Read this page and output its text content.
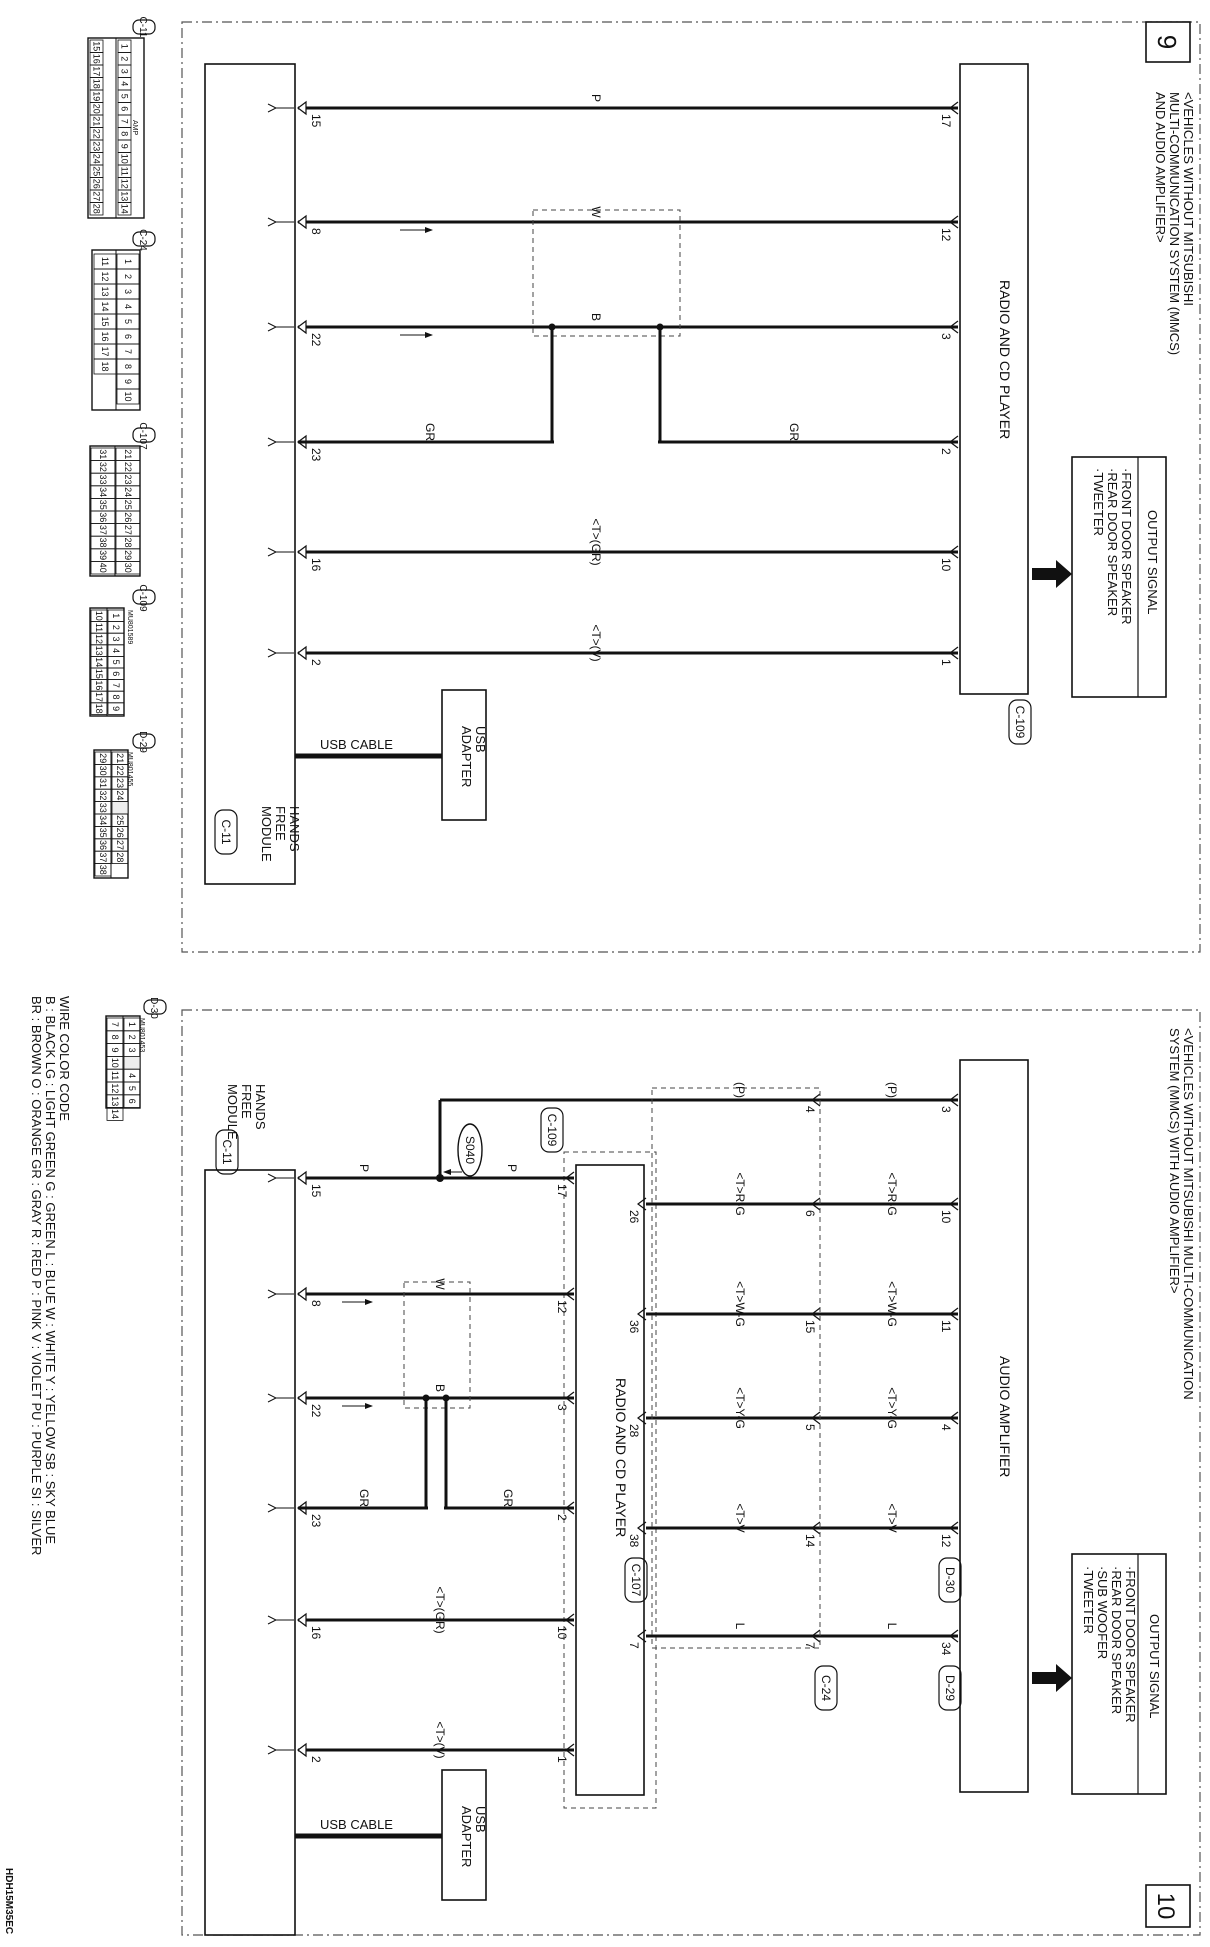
C-11
1
2
3
4
5
6
7
8
9
10
11
12
13
14
15
16
17
18
19
20
21
22
23
24
25
26
27
28
AMP
C-24
1
2
3
4
5
6
7
8
9
10
11
12
13
14
15
16
17
18
C-107
21
22
23
24
25
26
27
28
29
30
31
32
33
34
35
36
37
38
39
40
C-109
MU801589
1
2
3
4
5
6
7
8
9
10
11
12
13
14
15
16
17
18
D-29
MU801455
21
22
23
24
25
26
27
28
29
30
31
32
33
34
35
36
37
38
D-30
MU801453
1
2
3
4
5
6
7
8
9
10
11
12
13
14
WIRE COLOR CODE
B : BLACK LG : LIGHT GREEN G : GREEN L : BLUE W : WHITE Y : YELLOW SB : SKY BLUE
BR : BROWN O : ORANGE GR : GRAY R : RED P : PINK V : VIOLET PU : PURPLE SI : SILVER
HDH15M35EC
9
<VEHICLES WITHOUT MITSUBISHI
MULTI-COMMUNICATION SYSTEM (MMCS)
AND AUDIO AMPLIFIER>
RADIO AND CD PLAYER
C-109
OUTPUT SIGNAL
·FRONT DOOR SPEAKER
·REAR DOOR SPEAKER
·TWEETER
HANDS
FREE
MODULE
C-11
USB
ADAPTER
USB CABLE
17
15
P
12
8
W
3
22
B
2
23
10
16	<T>(GR)
1
2
<T>(V)
GR
GR
10
<VEHICLES WITHOUT MITSUBISHI MULTI-COMMUNICATION
SYSTEM (MMCS) WITH AUDIO AMPLIFIER>
AUDIO AMPLIFIER
OUTPUT SIGNAL
·FRONT DOOR SPEAKER
·REAR DOOR SPEAKER
·SUB WOOFER
·TWEETER
RADIO AND CD PLAYER
HANDS
FREE
MODULE
C-11
USB
ADAPTER
USB CABLE
3
(P)
4
10
<T>R-G
6
<T>R-G
26
11
<T>W-G
15
<T>W-G
36
4
<T>Y-G
5
<T>Y-G
28
12
<T>V
14
<T>V
38
34
L
7
L
7
(P)
C-24
D-30
D-29
C-107
17
15
P
12
8
W
3
22
B
2
23
10
16	<T>(GR)
1
2
<T>(V)
C-109
S040
P
GR
GR
